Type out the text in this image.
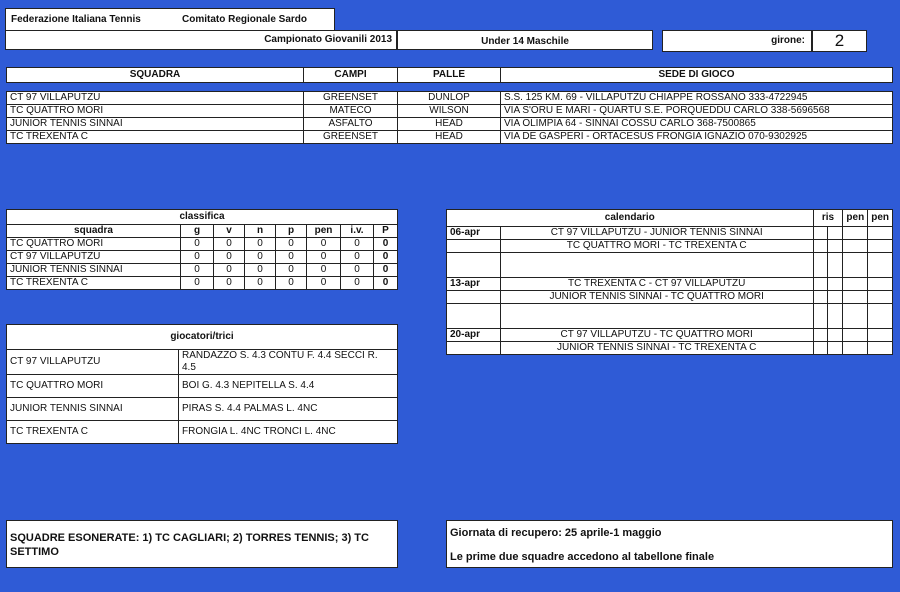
Federazione Italiana Tennis	Comitato Regionale Sardo
Campionato Giovanili 2013	Under 14 Maschile	girone:	2
SQUADRA	CAMPI	PALLE	SEDE DI GIOCO

CT 97 VILLAPUTZU	GREENSET	DUNLOP	S.S. 125 KM. 69 - VILLAPUTZU CHIAPPE ROSSANO 333-4722945
TC QUATTRO MORI	MATECO	WILSON	VIA S'ORU E MARI - QUARTU S.E. PORQUEDDU CARLO 338-5696568
JUNIOR TENNIS SINNAI	ASFALTO	HEAD	VIA OLIMPIA 64 - SINNAI COSSU CARLO 368-7500865
TC TREXENTA C	GREENSET	HEAD	VIA DE GASPERI - ORTACESUS FRONGIA IGNAZIO 070-9302925
classifica							
squadra	g	v	n	p	pen	i.v.	P
TC QUATTRO MORI	0	0	0	0	0	0	0
CT 97 VILLAPUTZU	0	0	0	0	0	0	0
JUNIOR TENNIS SINNAI	0	0	0	0	0	0	0
TC TREXENTA C	0	0	0	0	0	0	0
giocatori/trici	
CT 97 VILLAPUTZU	RANDAZZO S. 4.3 CONTU F. 4.4 SECCI R. 4.5
TC QUATTRO MORI	BOI G. 4.3 NEPITELLA S. 4.4
JUNIOR TENNIS SINNAI	PIRAS S. 4.4 PALMAS L. 4NC
TC TREXENTA C	FRONGIA L. 4NC TRONCI L. 4NC
calendario		ris		pen	pen
06-apr	CT 97 VILLAPUTZU - JUNIOR TENNIS SINNAI				
	TC QUATTRO MORI - TC TREXENTA C				

13-apr	TC TREXENTA C - CT 97 VILLAPUTZU				
	JUNIOR TENNIS SINNAI - TC QUATTRO MORI				

20-apr	CT 97 VILLAPUTZU - TC QUATTRO MORI				
	JUNIOR TENNIS SINNAI - TC TREXENTA C				
SQUADRE ESONERATE: 1) TC CAGLIARI; 2) TORRES TENNIS; 3) TC SETTIMO
Giornata di recupero: 25 aprile-1 maggio
Le prime due squadre accedono al tabellone finale
